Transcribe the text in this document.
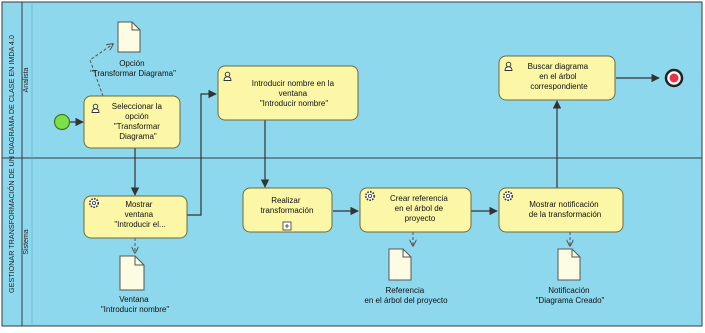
GESTIONAR TRANSFORMACIÓN DE UN DIAGRAMA DE CLASE EN IMDA 4.0 Analista
Sistema
Seleccionar la opción "Transformar Diagrama"
Introducir nombre en la ventana "Introducir nombre"
Buscar diagrama en el árbol correspondiente
Mostrar ventana "Introducir el...
Realizar transformación
Crear referencia en el árbol de proyecto
Mostrar notificación de la transformación
Opción "Transformar Diagrama"
Ventana "Introducir nombre"
Referencia en el árbol del proyecto
Notificación "Diagrama Creado"
